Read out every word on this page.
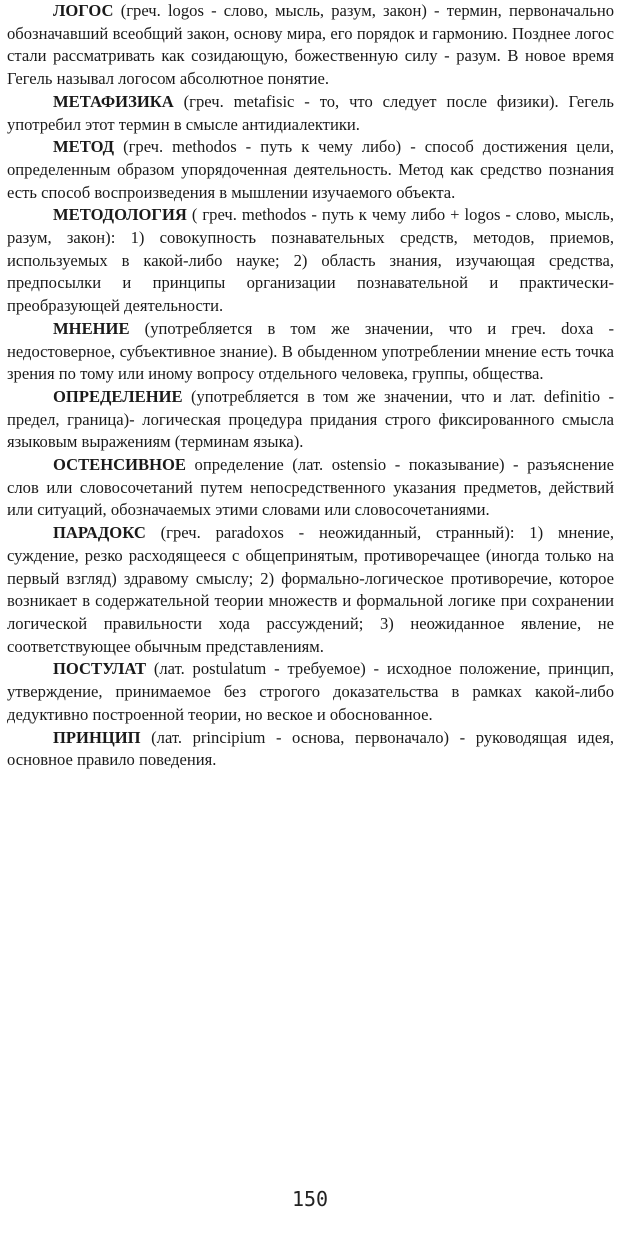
ЛОГОС (греч. logos - слово, мысль, разум, закон) - термин, первоначально обозначавший всеобщий закон, основу мира, его порядок и гармонию. Позднее логос стали рассматривать как созидающую, божественную силу - разум. В новое время Гегель называл логосом абсолютное понятие.

МЕТАФИЗИКА (греч. metafisic - то, что следует после физики). Гегель употребил этот термин в смысле антидиалектики.

МЕТОД (греч. methodos - путь к чему либо) - способ достижения цели, определенным образом упорядоченная деятельность. Метод как средство познания есть способ воспроизведения в мышлении изучаемого объекта.

МЕТОДОЛОГИЯ ( греч. methodos - путь к чему либо + logos - слово, мысль, разум, закон): 1) совокупность познавательных средств, методов, приемов, используемых в какой-либо науке; 2) область знания, изучающая средства, предпосылки и принципы организации познавательной и практически-преобразующей деятельности.

МНЕНИЕ (употребляется в том же значении, что и греч. doxa - недостоверное, субъективное знание). В обыденном употреблении мнение есть точка зрения по тому или иному вопросу отдельного человека, группы, общества.

ОПРЕДЕЛЕНИЕ (употребляется в том же значении, что и лат. definitio - предел, граница)- логическая процедура придания строго фиксированного смысла языковым выражениям (терминам языка).

ОСТЕНСИВНОЕ определение (лат. ostensio - показывание) - разъяснение слов или словосочетаний путем непосредственного указания предметов, действий или ситуаций, обозначаемых этими словами или словосочетаниями.

ПАРАДОКС (греч. paradoxos - неожиданный, странный): 1) мнение, суждение, резко расходящееся с общепринятым, противоречащее (иногда только на первый взгляд) здравому смыслу; 2) формально-логическое противоречие, которое возникает в содержательной теории множеств и формальной логике при сохранении логической правильности хода рассуждений; 3) неожиданное явление, не соответствующее обычным представлениям.

ПОСТУЛАТ (лат. postulatum - требуемое) - исходное положение, принцип, утверждение, принимаемое без строгого доказательства в рамках какой-либо дедуктивно построенной теории, но веское и обоснованное.

ПРИНЦИП (лат. principium - основа, первоначало) - руководящая идея, основное правило поведения.

150
